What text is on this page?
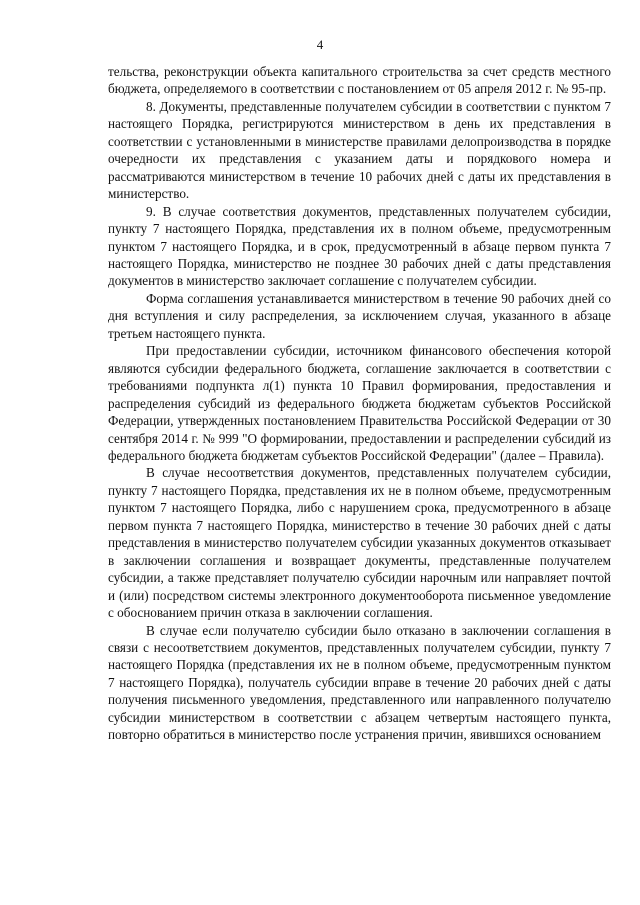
4

тельства, реконструкции объекта капитального строительства за счет средств местного бюджета, определяемого в соответствии с постановлением от 05 апреля 2012 г. № 95-пр.

8. Документы, представленные получателем субсидии в соответствии с пунктом 7 настоящего Порядка, регистрируются министерством в день их представления в соответствии с установленными в министерстве правилами делопроизводства в порядке очередности их представления с указанием даты и порядкового номера и рассматриваются министерством в течение 10 рабочих дней с даты их представления в министерство.

9. В случае соответствия документов, представленных получателем субсидии, пункту 7 настоящего Порядка, представления их в полном объеме, предусмотренным пунктом 7 настоящего Порядка, и в срок, предусмотренный в абзаце первом пункта 7 настоящего Порядка, министерство не позднее 30 рабочих дней с даты представления документов в министерство заключает соглашение с получателем субсидии.

Форма соглашения устанавливается министерством в течение 90 рабочих дней со дня вступления и силу распределения, за исключением случая, указанного в абзаце третьем настоящего пункта.

При предоставлении субсидии, источником финансового обеспечения которой являются субсидии федерального бюджета, соглашение заключается в соответствии с требованиями подпункта л(1) пункта 10 Правил формирования, предоставления и распределения субсидий из федерального бюджета бюджетам субъектов Российской Федерации, утвержденных постановлением Правительства Российской Федерации от 30 сентября 2014 г. № 999 "О формировании, предоставлении и распределении субсидий из федерального бюджета бюджетам субъектов Российской Федерации" (далее – Правила).

В случае несоответствия документов, представленных получателем субсидии, пункту 7 настоящего Порядка, представления их не в полном объеме, предусмотренным пунктом 7 настоящего Порядка, либо с нарушением срока, предусмотренного в абзаце первом пункта 7 настоящего Порядка, министерство в течение 30 рабочих дней с даты представления в министерство получателем субсидии указанных документов отказывает в заключении соглашения и возвращает документы, представленные получателем субсидии, а также представляет получателю субсидии нарочным или направляет почтой и (или) посредством системы электронного документооборота письменное уведомление с обоснованием причин отказа в заключении соглашения.

В случае если получателю субсидии было отказано в заключении соглашения в связи с несоответствием документов, представленных получателем субсидии, пункту 7 настоящего Порядка (представления их не в полном объеме, предусмотренным пунктом 7 настоящего Порядка), получатель субсидии вправе в течение 20 рабочих дней с даты получения письменного уведомления, представленного или направленного получателю субсидии министерством в соответствии с абзацем четвертым настоящего пункта, повторно обратиться в министерство после устранения причин, явившихся основанием
